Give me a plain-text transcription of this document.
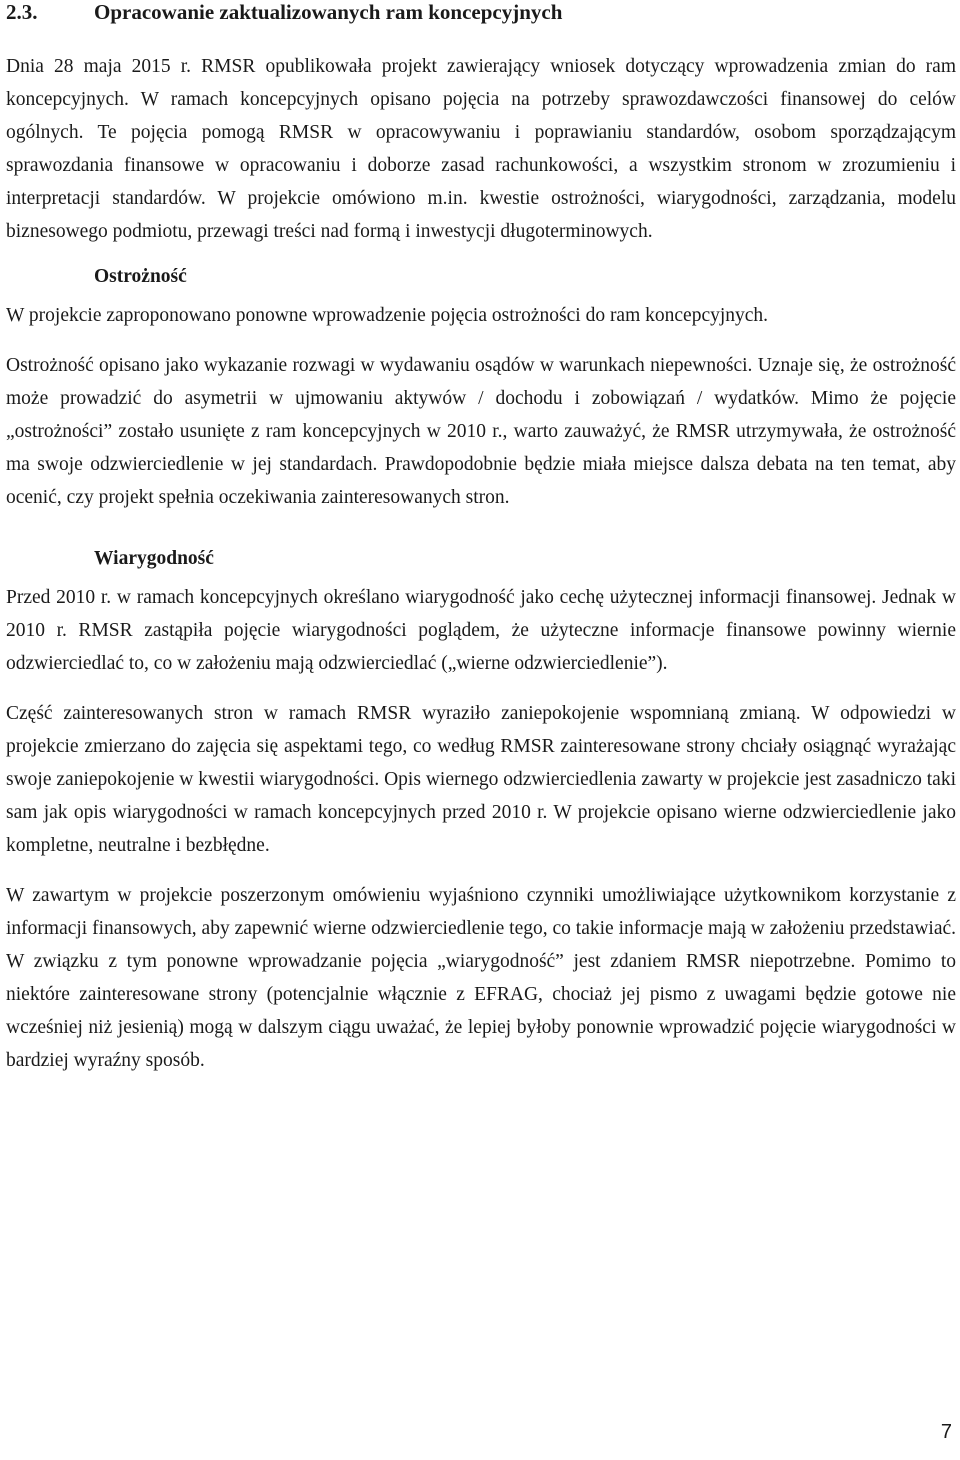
2.3.	Opracowanie zaktualizowanych ram koncepcyjnych

Dnia 28 maja 2015 r. RMSR opublikowała projekt zawierający wniosek dotyczący wprowadzenia zmian do ram koncepcyjnych. W ramach koncepcyjnych opisano pojęcia na potrzeby sprawozdawczości finansowej do celów ogólnych. Te pojęcia pomogą RMSR w opracowywaniu i poprawianiu standardów, osobom sporządzającym sprawozdania finansowe w opracowaniu i doborze zasad rachunkowości, a wszystkim stronom w zrozumieniu i interpretacji standardów. W projekcie omówiono m.in. kwestie ostrożności, wiarygodności, zarządzania, modelu biznesowego podmiotu, przewagi treści nad formą i inwestycji długoterminowych.

Ostrożność

W projekcie zaproponowano ponowne wprowadzenie pojęcia ostrożności do ram koncepcyjnych.

Ostrożność opisano jako wykazanie rozwagi w wydawaniu osądów w warunkach niepewności. Uznaje się, że ostrożność może prowadzić do asymetrii w ujmowaniu aktywów / dochodu i zobowiązań / wydatków. Mimo że pojęcie „ostrożności” zostało usunięte z ram koncepcyjnych w 2010 r., warto zauważyć, że RMSR utrzymywała, że ostrożność ma swoje odzwierciedlenie w jej standardach. Prawdopodobnie będzie miała miejsce dalsza debata na ten temat, aby ocenić, czy projekt spełnia oczekiwania zainteresowanych stron.

Wiarygodność

Przed 2010 r. w ramach koncepcyjnych określano wiarygodność jako cechę użytecznej informacji finansowej. Jednak w 2010 r. RMSR zastąpiła pojęcie wiarygodności poglądem, że użyteczne informacje finansowe powinny wiernie odzwierciedlać to, co w założeniu mają odzwierciedlać („wierne odzwierciedlenie”).

Część zainteresowanych stron w ramach RMSR wyraziło zaniepokojenie wspomnianą zmianą. W odpowiedzi w projekcie zmierzano do zajęcia się aspektami tego, co według RMSR zainteresowane strony chciały osiągnąć wyrażając swoje zaniepokojenie w kwestii wiarygodności. Opis wiernego odzwierciedlenia zawarty w projekcie jest zasadniczo taki sam jak opis wiarygodności w ramach koncepcyjnych przed 2010 r. W projekcie opisano wierne odzwierciedlenie jako kompletne, neutralne i bezbłędne.

W zawartym w projekcie poszerzonym omówieniu wyjaśniono czynniki umożliwiające użytkownikom korzystanie z informacji finansowych, aby zapewnić wierne odzwierciedlenie tego, co takie informacje mają w założeniu przedstawiać. W związku z tym ponowne wprowadzanie pojęcia „wiarygodność” jest zdaniem RMSR niepotrzebne. Pomimo to niektóre zainteresowane strony (potencjalnie włącznie z EFRAG, chociaż jej pismo z uwagami będzie gotowe nie wcześniej niż jesienią) mogą w dalszym ciągu uważać, że lepiej byłoby ponownie wprowadzić pojęcie wiarygodności w bardziej wyraźny sposób.

7
